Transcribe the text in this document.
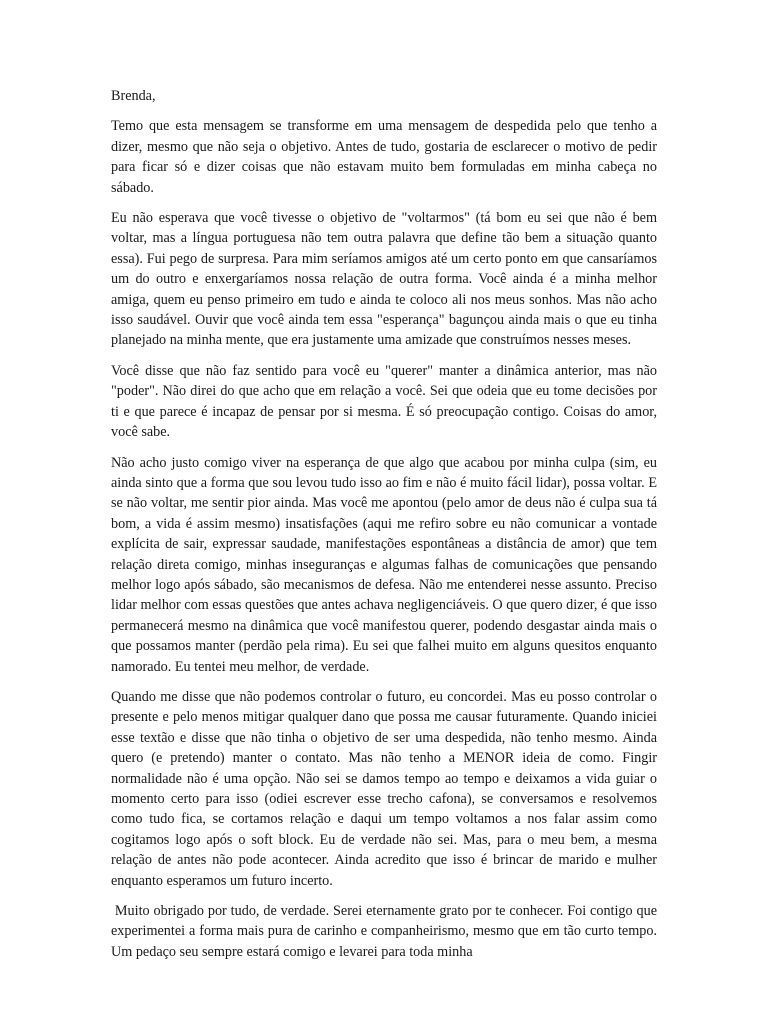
Brenda,

Temo que esta mensagem se transforme em uma mensagem de despedida pelo que tenho a dizer, mesmo que não seja o objetivo. Antes de tudo, gostaria de esclarecer o motivo de pedir para ficar só e dizer coisas que não estavam muito bem formuladas em minha cabeça no sábado.

Eu não esperava que você tivesse o objetivo de "voltarmos" (tá bom eu sei que não é bem voltar, mas a língua portuguesa não tem outra palavra que define tão bem a situação quanto essa). Fui pego de surpresa. Para mim seríamos amigos até um certo ponto em que cansaríamos um do outro e enxergaríamos nossa relação de outra forma. Você ainda é a minha melhor amiga, quem eu penso primeiro em tudo e ainda te coloco ali nos meus sonhos. Mas não acho isso saudável. Ouvir que você ainda tem essa "esperança" bagunçou ainda mais o que eu tinha planejado na minha mente, que era justamente uma amizade que construímos nesses meses.

Você disse que não faz sentido para você eu "querer" manter a dinâmica anterior, mas não "poder". Não direi do que acho que em relação a você. Sei que odeia que eu tome decisões por ti e que parece é incapaz de pensar por si mesma. É só preocupação contigo. Coisas do amor, você sabe.

Não acho justo comigo viver na esperança de que algo que acabou por minha culpa (sim, eu ainda sinto que a forma que sou levou tudo isso ao fim e não é muito fácil lidar), possa voltar. E se não voltar, me sentir pior ainda. Mas você me apontou (pelo amor de deus não é culpa sua tá bom, a vida é assim mesmo) insatisfações (aqui me refiro sobre eu não comunicar a vontade explícita de sair, expressar saudade, manifestações espontâneas a distância de amor) que tem relação direta comigo, minhas inseguranças e algumas falhas de comunicações que pensando melhor logo após sábado, são mecanismos de defesa. Não me entenderei nesse assunto. Preciso lidar melhor com essas questões que antes achava negligenciáveis. O que quero dizer, é que isso permanecerá mesmo na dinâmica que você manifestou querer, podendo desgastar ainda mais o que possamos manter (perdão pela rima). Eu sei que falhei muito em alguns quesitos enquanto namorado. Eu tentei meu melhor, de verdade.

Quando me disse que não podemos controlar o futuro, eu concordei. Mas eu posso controlar o presente e pelo menos mitigar qualquer dano que possa me causar futuramente. Quando iniciei esse textão e disse que não tinha o objetivo de ser uma despedida, não tenho mesmo. Ainda quero (e pretendo) manter o contato. Mas não tenho a MENOR ideia de como. Fingir normalidade não é uma opção. Não sei se damos tempo ao tempo e deixamos a vida guiar o momento certo para isso (odiei escrever esse trecho cafona), se conversamos e resolvemos como tudo fica, se cortamos relação e daqui um tempo voltamos a nos falar assim como cogitamos logo após o soft block. Eu de verdade não sei. Mas, para o meu bem, a mesma relação de antes não pode acontecer. Ainda acredito que isso é brincar de marido e mulher enquanto esperamos um futuro incerto.

Muito obrigado por tudo, de verdade. Serei eternamente grato por te conhecer. Foi contigo que experimentei a forma mais pura de carinho e companheirismo, mesmo que em tão curto tempo. Um pedaço seu sempre estará comigo e levarei para toda minha
